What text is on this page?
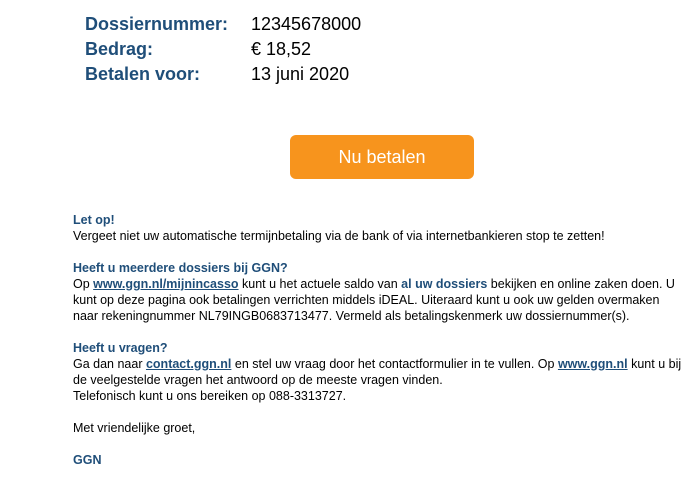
Dossiernummer: 12345678000
Bedrag:	€ 18,52
Betalen voor:	13 juni 2020
Nu betalen

Let op!

Vergeet niet uw automatische termijnbetaling via de bank of via internetbankieren stop te zetten!

Heeft u meerdere dossiers bij GGN?

Op www.ggn.nl/mijnincasso kunt u het actuele saldo van al uw dossiers bekijken en online zaken doen. U kunt op deze pagina ook betalingen verrichten middels iDEAL. Uiteraard kunt u ook uw gelden overmaken naar rekeningnummer NL79INGB0683713477. Vermeld als betalingskenmerk uw dossiernummer(s).

Heeft u vragen?

Ga dan naar contact.ggn.nl en stel uw vraag door het contactformulier in te vullen. Op www.ggn.nl kunt u bij de veelgestelde vragen het antwoord op de meeste vragen vinden.

Telefonisch kunt u ons bereiken op 088-3313727.

Met vriendelijke groet,

GGN
